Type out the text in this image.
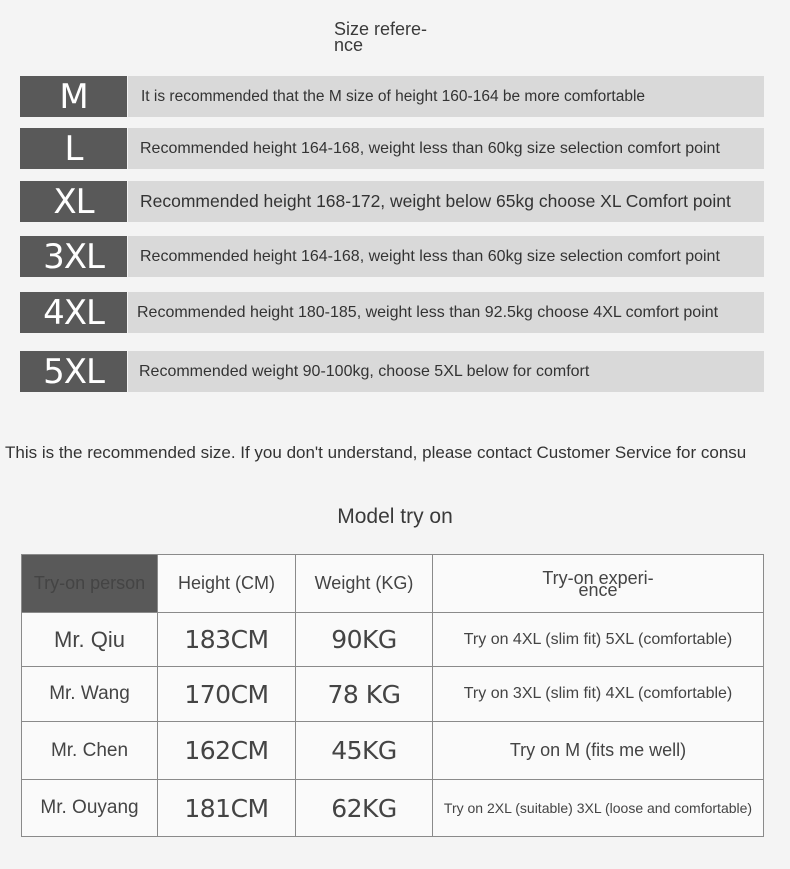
Size refere-
nce
M	It is recommended that the M size of height 160-164 be more comfortable
L	Recommended height 164-168, weight less than 60kg size selection comfort point
XL	Recommended height 168-172, weight below 65kg choose XL Comfort point
3XL	Recommended height 164-168, weight less than 60kg size selection comfort point
4XL	Recommended height 180-185, weight less than 92.5kg choose 4XL comfort point
5XL	Recommended weight 90-100kg, choose 5XL below for comfort
This is the recommended size. If you don't understand, please contact Customer Service for consu
Model try on
Try-on person	Height (CM)	Weight (KG)	Try-on experi-
ence
Mr. Qiu	183CM	90KG	Try on 4XL (slim fit) 5XL (comfortable)
Mr. Wang	170CM	78 KG	Try on 3XL (slim fit) 4XL (comfortable)
Mr. Chen	162CM	45KG	Try on M (fits me well)
Mr. Ouyang	181CM	62KG	Try on 2XL (suitable) 3XL (loose and comfortable)
